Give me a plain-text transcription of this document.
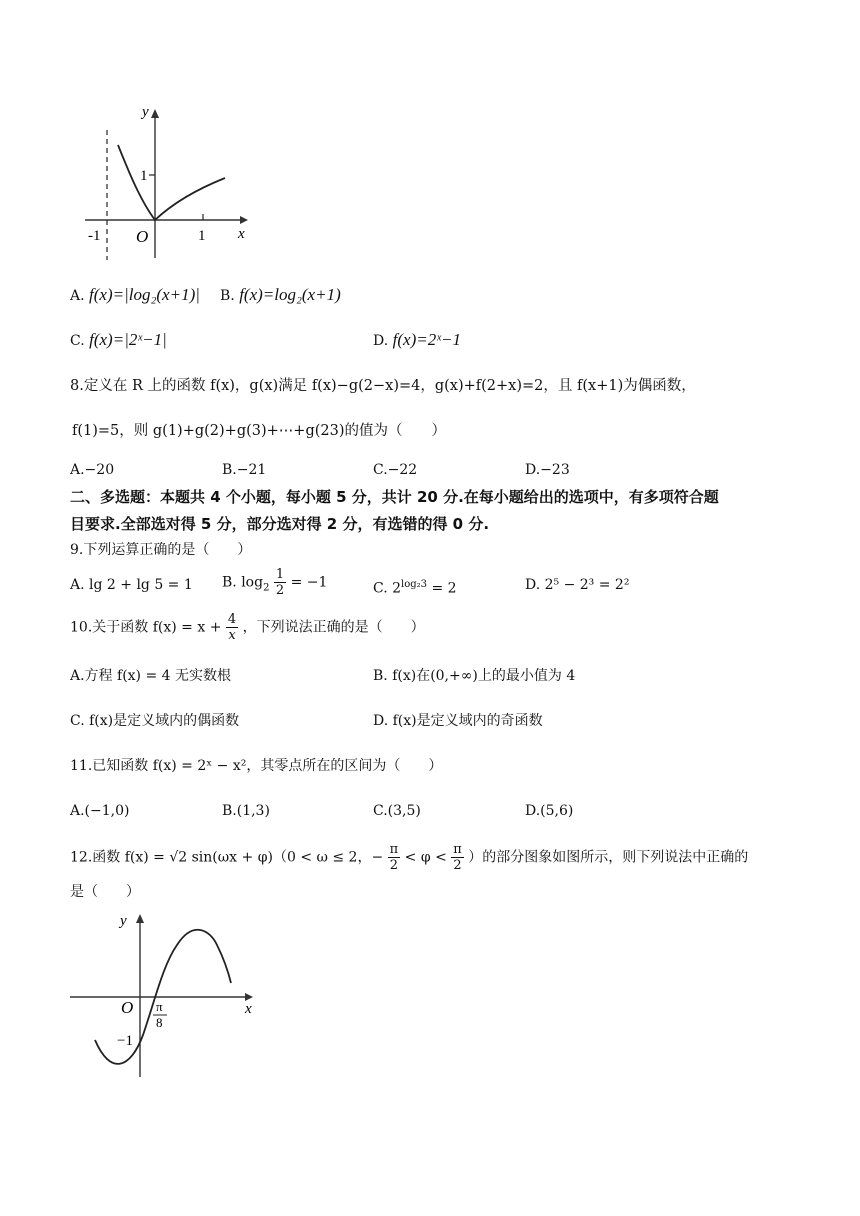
y
x
O
-1	1
1
A. f(x)=|log₂(x+1)| B. f(x)=log₂(x+1)
C. f(x)=|2ˣ−1|	D. f(x)=2ˣ−1
8.定义在 R 上的函数 f(x)，g(x)满足 f(x)−g(2−x)=4，g(x)+f(2+x)=2，且 f(x+1)为偶函数，
f(1)=5，则 g(1)+g(2)+g(3)+⋯+g(23)的值为（　　）
A.−20	B.−21	C.−22	D.−23
二、多选题：本题共 4 个小题，每小题 5 分，共计 20 分.在每小题给出的选项中，有多项符合题
目要求.全部选对得 5 分，部分选对得 2 分，有选错的得 0 分.
9.下列运算正确的是（　　）
A. lg 2 + lg 5 = 1 B. $\log_2 \frac{1}{2} = -1$	C. $2^{log_23} = 2$	D. 2⁵ − 2³ = 2²
10.关于函数 $f(x) = x + \frac{4}{x}$ ，下列说法正确的是（　　）
A.方程 f(x) = 4 无实数根	B. f(x)在(0,+∞)上的最小值为 4
C. f(x)是定义域内的偶函数	D. f(x)是定义域内的奇函数
11.已知函数 f(x) = 2ˣ − x²，其零点所在的区间为（　　）
A.(−1,0)	B.(1,3)	C.(3,5)	D.(5,6)
12.函数 f(x) = √2 sin(ωx + φ)（0 < ω ≤ 2，− $\frac{\pi}{2} < \varphi < \frac{\pi}{2}$ ）的部分图象如图所示，则下列说法中正确的
是（　　）
y
x
O
−1
π
8
